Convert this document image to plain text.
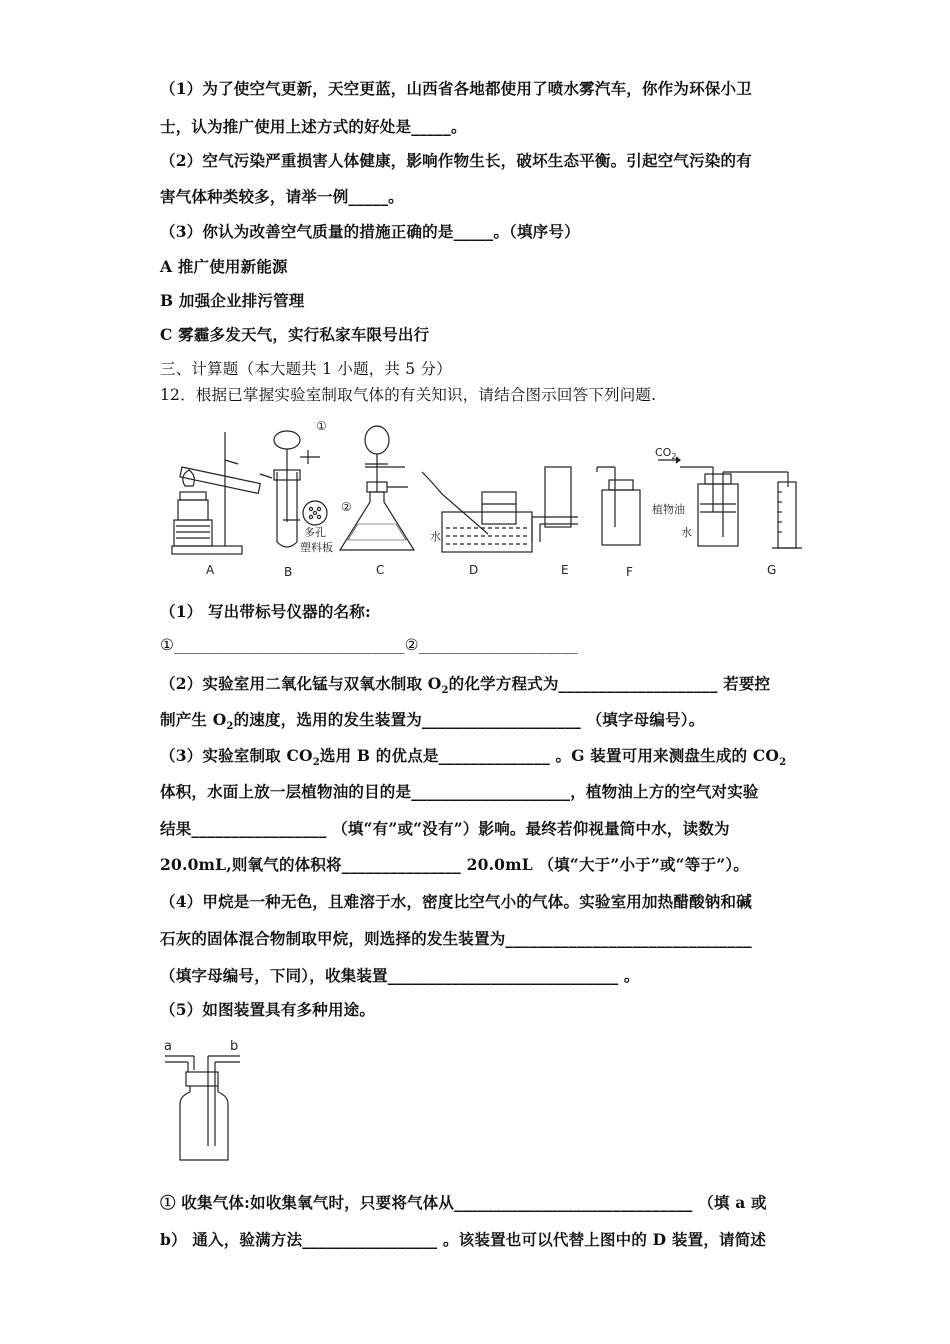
（1）为了使空气更新，天空更蓝，山西省各地都使用了喷水雾汽车，你作为环保小卫
士，认为推广使用上述方式的好处是_____。
（2）空气污染严重损害人体健康，影响作物生长，破坏生态平衡。引起空气污染的有
害气体种类较多，请举一例_____。
（3）你认为改善空气质量的措施正确的是_____。（填序号）
A 推广使用新能源
B 加强企业排污管理
C 雾霾多发天气，实行私家车限号出行
三、计算题（本大题共 1 小题，共 5 分）
12．根据已掌握实验室制取气体的有关知识，请结合图示回答下列问题.
A	B	C	D	E	F	G
①
②
多孔
塑料板
水
$CO_2$
植物油
水
（1） 写出带标号仪器的名称:
①_____________________________②____________________
（2）实验室用二氧化锰与双氧水制取 $O_2$的化学方程式为____________________ 若要控
制产生 $O_2$的速度，选用的发生装置为____________________ （填字母编号）。
（3）实验室制取 $CO_2$选用 B 的优点是______________ 。G 装置可用来测盘生成的 $CO_2$
体积，水面上放一层植物油的目的是____________________，植物油上方的空气对实验
结果_________________ （填“有”或“没有”）影响。最终若仰视量筒中水，读数为
20.0mL,则氧气的体积将_______________ 20.0mL （填“大于”小于”或“等于”）。
（4）甲烷是一种无色，且难溶于水，密度比空气小的气体。实验室用加热醋酸钠和碱
石灰的固体混合物制取甲烷，则选择的发生装置为_______________________________
（填字母编号，下同），收集装置_____________________________ 。
（5）如图装置具有多种用途。
a	b
① 收集气体:如收集氧气时，只要将气体从______________________________ （填 a 或
b） 通入，验满方法_________________ 。该装置也可以代替上图中的 D 装置，请简述
